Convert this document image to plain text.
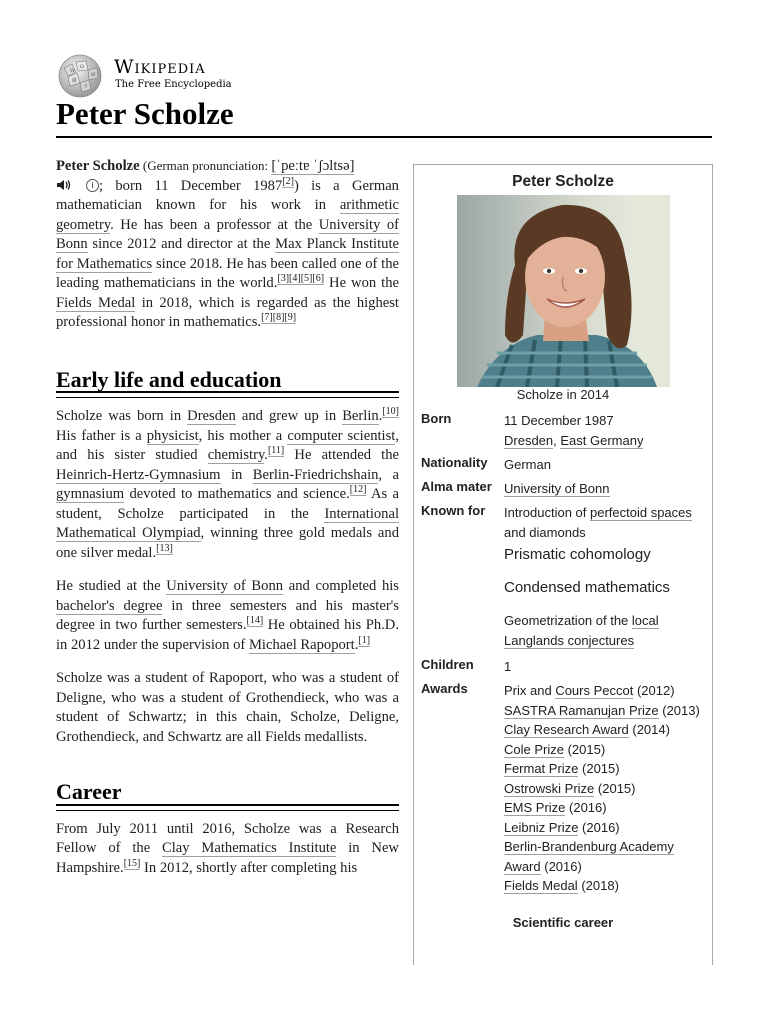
W
Ω
И
維
ウ
Wikipedia
The Free Encyclopedia
Peter Scholze

Peter Scholze (German pronunciation: [ˈpeːtɐ ˈʃɔltsə]
i ; born 11 December 1987[2]) is a German mathematician known for his work in arithmetic geometry. He has been a professor at the University of Bonn since 2012 and director at the Max Planck Institute for Mathematics since 2018. He has been called one of the leading mathematicians in the world.[3][4][5][6] He won the Fields Medal in 2018, which is regarded as the highest professional honor in mathematics.[7][8][9]

Early life and education

Scholze was born in Dresden and grew up in Berlin.[10] His father is a physicist, his mother a computer scientist, and his sister studied chemistry.[11] He attended the Heinrich-Hertz-Gymnasium in Berlin-Friedrichshain, a gymnasium devoted to mathematics and science.[12] As a student, Scholze participated in the International Mathematical Olympiad, winning three gold medals and one silver medal.[13]

He studied at the University of Bonn and completed his bachelor's degree in three semesters and his master's degree in two further semesters.[14] He obtained his Ph.D. in 2012 under the supervision of Michael Rapoport.[1]

Scholze was a student of Rapoport, who was a student of Deligne, who was a student of Grothendieck, who was a student of Schwartz; in this chain, Scholze, Deligne, Grothendieck, and Schwartz are all Fields medallists.

Career

From July 2011 until 2016, Scholze was a Research Fellow of the Clay Mathematics Institute in New Hampshire.[15] In 2012, shortly after completing his

Peter Scholze
Scholze in 2014
Born	11 December 1987
Dresden, East Germany
Nationality	German
Alma mater University of Bonn
Known for	Introduction of perfectoid spaces and diamonds
Prismatic cohomology
Condensed mathematics
Geometrization of the local Langlands conjectures
Children	1
Awards	Prix and Cours Peccot (2012)
SASTRA Ramanujan Prize (2013)
Clay Research Award (2014)
Cole Prize (2015)
Fermat Prize (2015)
Ostrowski Prize (2015)
EMS Prize (2016)
Leibniz Prize (2016)
Berlin-Brandenburg Academy Award (2016)
Fields Medal (2018)
Scientific career
